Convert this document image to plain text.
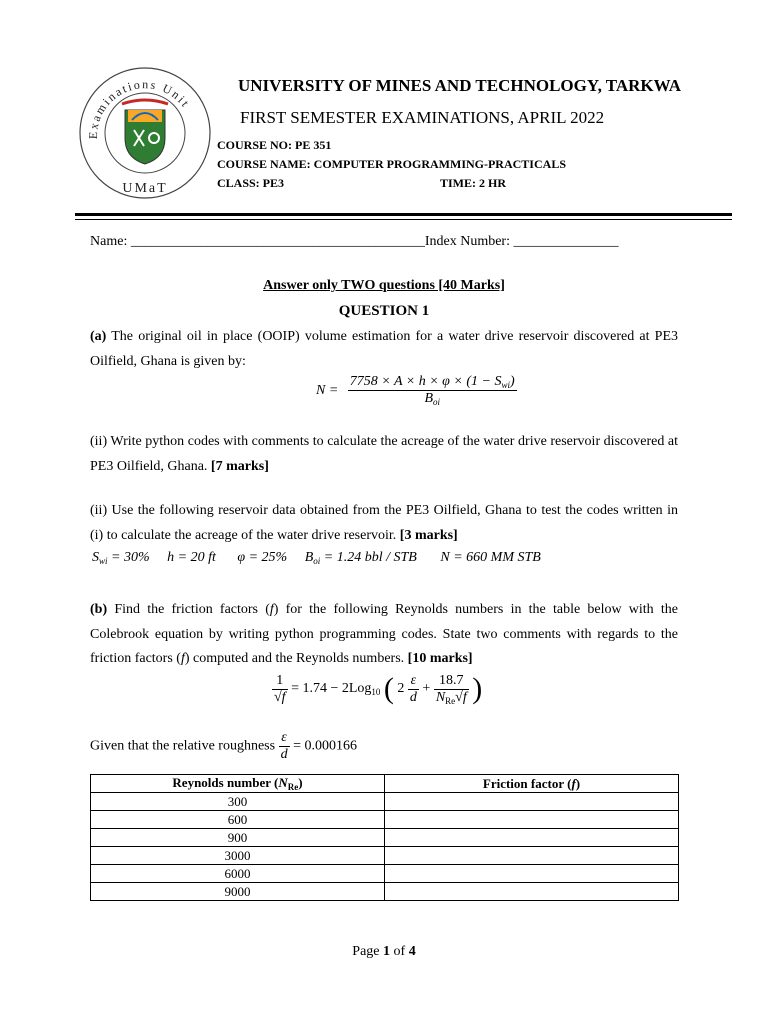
Examinations Unit
UMaT
UNIVERSITY OF MINES AND TECHNOLOGY, TARKWA
FIRST SEMESTER EXAMINATIONS, APRIL 2022
COURSE NO: PE 351
COURSE NAME: COMPUTER PROGRAMMING-PRACTICALS
CLASS: PE3	TIME: 2 HR
Name: __________________________________________Index Number: _______________
Answer only TWO questions [40 Marks]
QUESTION 1
(a) The original oil in place (OOIP) volume estimation for a water drive reservoir discovered at PE3 Oilfield, Ghana is given by:
$N = \frac{7758 \times A \times h \times \varphi \times (1 - S_{wi})}{B_{oi}}$
(ii) Write python codes with comments to calculate the acreage of the water drive reservoir discovered at PE3 Oilfield, Ghana. [7 marks]
(ii) Use the following reservoir data obtained from the PE3 Oilfield, Ghana to test the codes written in (i) to calculate the acreage of the water drive reservoir. [3 marks]
$S_{wi} = 30\%$ h = 20 ft φ = 25% $B_{oi} = 1.24$ bbl / STB N = 660 MM STB
(b) Find the friction factors (f) for the following Reynolds numbers in the table below with the Colebrook equation by writing python programming codes. State two comments with regards to the friction factors (f) computed and the Reynolds numbers. [10 marks]
$\frac{1}{√f} = 1.74 - 2Log_{10}$ ( $2 \frac{\varepsilon}{d} + \frac{18.7}{N_{Re}√f}$ )
Given that the relative roughness $\frac{\varepsilon}{d} = 0.000166$
Reynolds number $(N_{Re})$	Friction factor (f)
300	
600	
900	
3000	
6000	
9000	
Page 1 of 4
